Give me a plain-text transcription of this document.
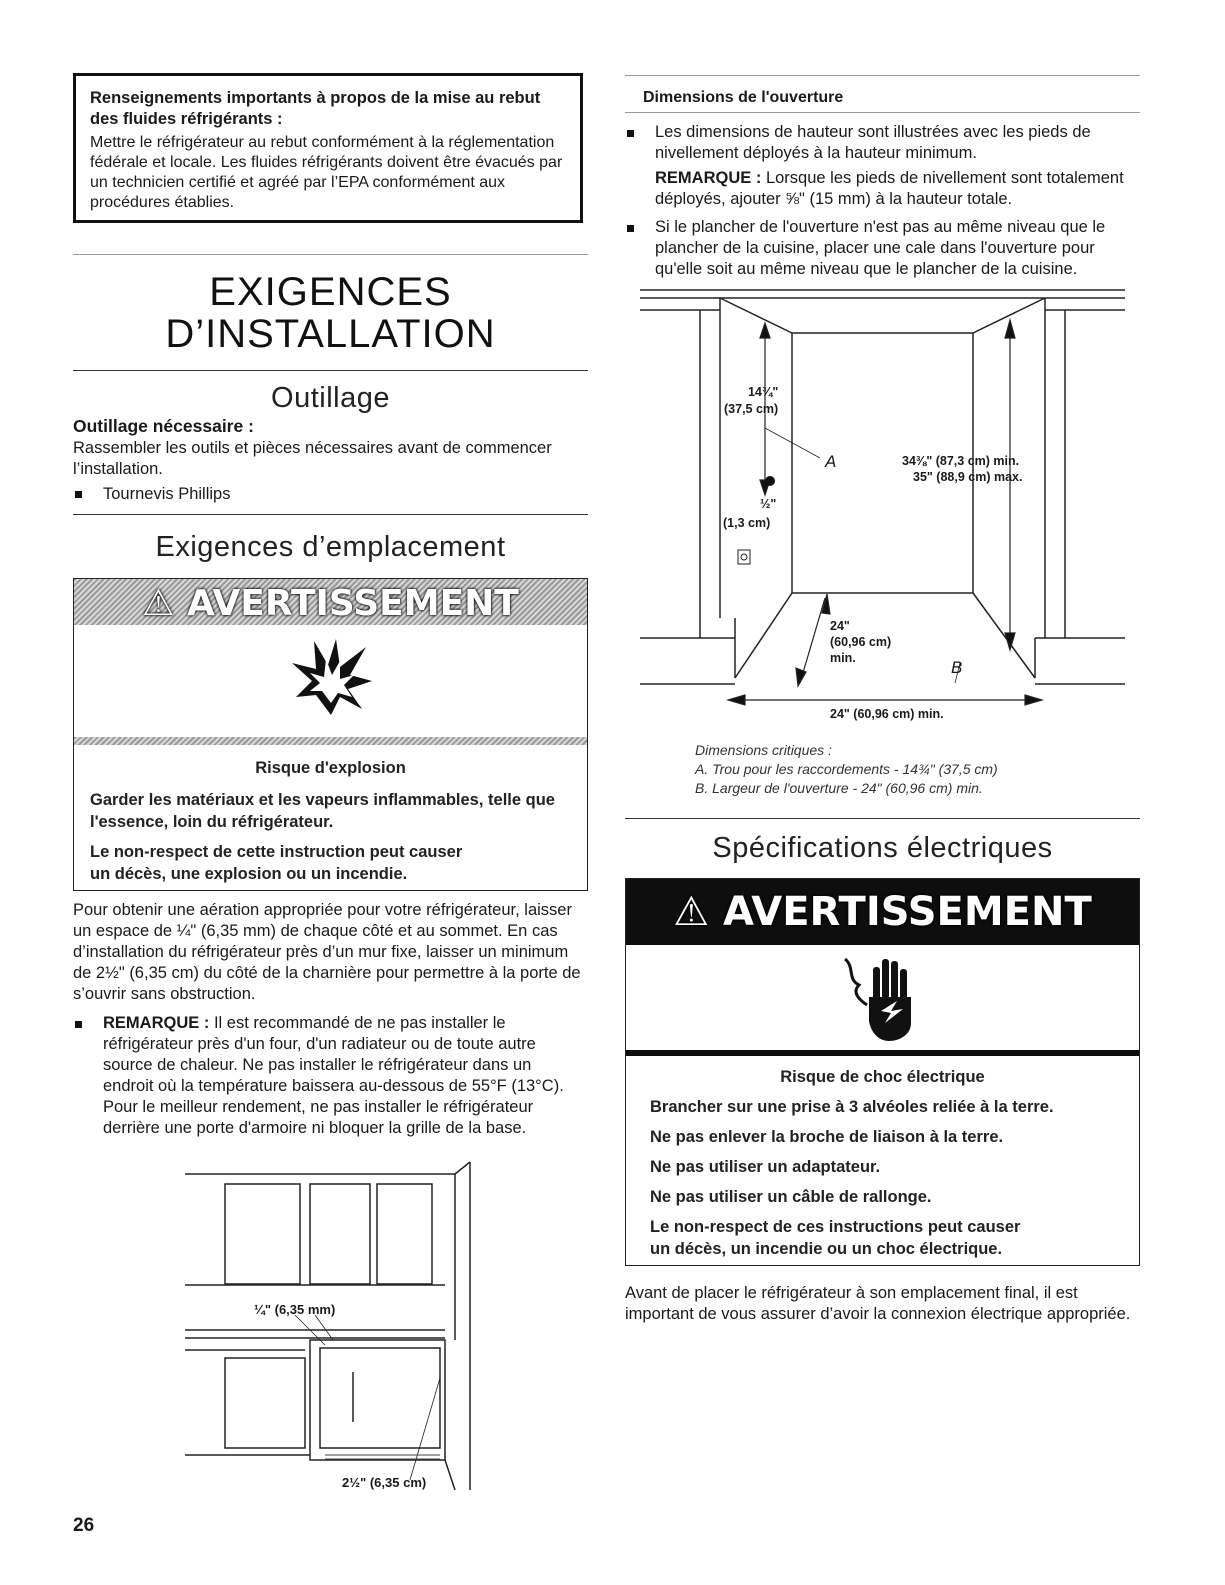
Renseignements importants à propos de la mise au rebut des fluides réfrigérants :
Mettre le réfrigérateur au rebut conformément à la réglementation fédérale et locale. Les fluides réfrigérants doivent être évacués par un technicien certifié et agréé par l’EPA conformément aux procédures établies.
EXIGENCES
D’INSTALLATION
Outillage
Outillage nécessaire :
Rassembler les outils et pièces nécessaires avant de commencer l’installation.
Tournevis Phillips
Exigences d’emplacement
⚠ AVERTISSEMENT
Risque d'explosion
Garder les matériaux et les vapeurs inflammables, telle que l'essence, loin du réfrigérateur.
Le non-respect de cette instruction peut causer
un décès, une explosion ou un incendie.
Pour obtenir une aération appropriée pour votre réfrigérateur, laisser un espace de ¼" (6,35 mm) de chaque côté et au sommet. En cas d’installation du réfrigérateur près d’un mur fixe, laisser un minimum de 2½" (6,35 cm) du côté de la charnière pour permettre à la porte de s’ouvrir sans obstruction.
REMARQUE : Il est recommandé de ne pas installer le réfrigérateur près d'un four, d'un radiateur ou de toute autre source de chaleur. Ne pas installer le réfrigérateur dans un endroit où la température baissera au-dessous de 55°F (13°C). Pour le meilleur rendement, ne pas installer le réfrigérateur derrière une porte d'armoire ni bloquer la grille de la base.
¼" (6,35 mm)
2½" (6,35 cm)
26
Dimensions de l'ouverture
Les dimensions de hauteur sont illustrées avec les pieds de nivellement déployés à la hauteur minimum.
REMARQUE : Lorsque les pieds de nivellement sont totalement déployés, ajouter ⅝" (15 mm) à la hauteur totale.
Si le plancher de l'ouverture n'est pas au même niveau que le plancher de la cuisine, placer une cale dans l'ouverture pour qu'elle soit au même niveau que le plancher de la cuisine.
14¾"
(37,5 cm)
A	34⅜" (87,3 cm) min.
35" (88,9 cm) max.
½"
(1,3 cm)
24"
(60,96 cm)
min.	B
24" (60,96 cm) min.
Dimensions critiques :
A. Trou pour les raccordements - 14¾" (37,5 cm)
B. Largeur de l'ouverture - 24" (60,96 cm) min.
Spécifications électriques
⚠ AVERTISSEMENT
Risque de choc électrique
Brancher sur une prise à 3 alvéoles reliée à la terre.
Ne pas enlever la broche de liaison à la terre.
Ne pas utiliser un adaptateur.
Ne pas utiliser un câble de rallonge.
Le non-respect de ces instructions peut causer
un décès, un incendie ou un choc électrique.
Avant de placer le réfrigérateur à son emplacement final, il est important de vous assurer d’avoir la connexion électrique appropriée.
